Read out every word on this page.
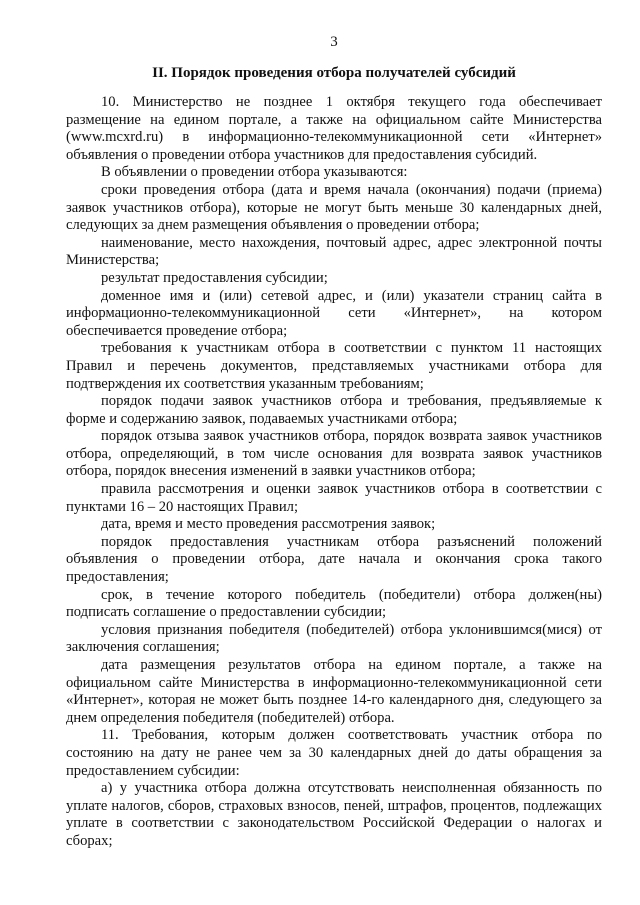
3
II. Порядок проведения отбора получателей субсидий

10. Министерство не позднее 1 октября текущего года обеспечивает размещение на едином портале, а также на официальном сайте Министерства (www.mcxrd.ru) в информационно-телекоммуникационной сети «Интернет» объявления о проведении отбора участников для предоставления субсидий.

В объявлении о проведении отбора указываются:

сроки проведения отбора (дата и время начала (окончания) подачи (приема) заявок участников отбора), которые не могут быть меньше 30 календарных дней, следующих за днем размещения объявления о проведении отбора;

наименование, место нахождения, почтовый адрес, адрес электронной почты Министерства;

результат предоставления субсидии;

доменное имя и (или) сетевой адрес, и (или) указатели страниц сайта в информационно-телекоммуникационной сети «Интернет», на котором обеспечивается проведение отбора;

требования к участникам отбора в соответствии с пунктом 11 настоящих Правил и перечень документов, представляемых участниками отбора для подтверждения их соответствия указанным требованиям;

порядок подачи заявок участников отбора и требования, предъявляемые к форме и содержанию заявок, подаваемых участниками отбора;

порядок отзыва заявок участников отбора, порядок возврата заявок участников отбора, определяющий, в том числе основания для возврата заявок участников отбора, порядок внесения изменений в заявки участников отбора;

правила рассмотрения и оценки заявок участников отбора в соответствии с пунктами 16 – 20 настоящих Правил;

дата, время и место проведения рассмотрения заявок;

порядок предоставления участникам отбора разъяснений положений объявления о проведении отбора, дате начала и окончания срока такого предоставления;

срок, в течение которого победитель (победители) отбора должен(ны) подписать соглашение о предоставлении субсидии;

условия признания победителя (победителей) отбора уклонившимся(мися) от заключения соглашения;

дата размещения результатов отбора на едином портале, а также на официальном сайте Министерства в информационно-телекоммуникационной сети «Интернет», которая не может быть позднее 14-го календарного дня, следующего за днем определения победителя (победителей) отбора.

11. Требования, которым должен соответствовать участник отбора по состоянию на дату не ранее чем за 30 календарных дней до даты обращения за предоставлением субсидии:

а) у участника отбора должна отсутствовать неисполненная обязанность по уплате налогов, сборов, страховых взносов, пеней, штрафов, процентов, подлежащих уплате в соответствии с законодательством Российской Федерации о налогах и сборах;
